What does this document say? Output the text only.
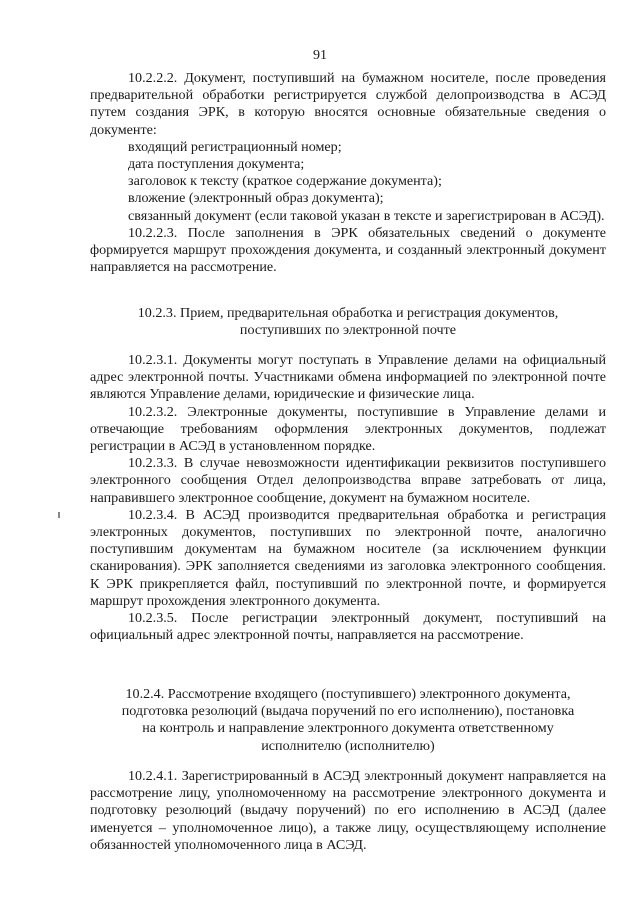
91

10.2.2.2. Документ, поступивший на бумажном носителе, после проведения предварительной обработки регистрируется службой делопроизводства в АСЭД путем создания ЭРК, в которую вносятся основные обязательные сведения о документе:

входящий регистрационный номер;

дата поступления документа;

заголовок к тексту (краткое содержание документа);

вложение (электронный образ документа);

связанный документ (если таковой указан в тексте и зарегистрирован в АСЭД).

10.2.2.3. После заполнения в ЭРК обязательных сведений о документе формируется маршрут прохождения документа, и созданный электронный документ направляется на рассмотрение.

10.2.3. Прием, предварительная обработка и регистрация документов,

поступивших по электронной почте

10.2.3.1. Документы могут поступать в Управление делами на официальный адрес электронной почты. Участниками обмена информацией по электронной почте являются Управление делами, юридические и физические лица.

10.2.3.2. Электронные документы, поступившие в Управление делами и отвечающие требованиям оформления электронных документов, подлежат регистрации в АСЭД в установленном порядке.

10.2.3.3. В случае невозможности идентификации реквизитов поступившего электронного сообщения Отдел делопроизводства вправе затребовать от лица, направившего электронное сообщение, документ на бумажном носителе.

10.2.3.4. В АСЭД производится предварительная обработка и регистрация электронных документов, поступивших по электронной почте, аналогично поступившим документам на бумажном носителе (за исключением функции сканирования). ЭРК заполняется сведениями из заголовка электронного сообщения. К ЭРК прикрепляется файл, поступивший по электронной почте, и формируется маршрут прохождения электронного документа.

10.2.3.5. После регистрации электронный документ, поступивший на официальный адрес электронной почты, направляется на рассмотрение.

10.2.4. Рассмотрение входящего (поступившего) электронного документа,

подготовка резолюций (выдача поручений по его исполнению), постановка

на контроль и направление электронного документа ответственному

исполнителю (исполнителю)

10.2.4.1. Зарегистрированный в АСЭД электронный документ направляется на рассмотрение лицу, уполномоченному на рассмотрение электронного документа и подготовку резолюций (выдачу поручений) по его исполнению в АСЭД (далее именуется – уполномоченное лицо), а также лицу, осуществляющему исполнение обязанностей уполномоченного лица в АСЭД.
